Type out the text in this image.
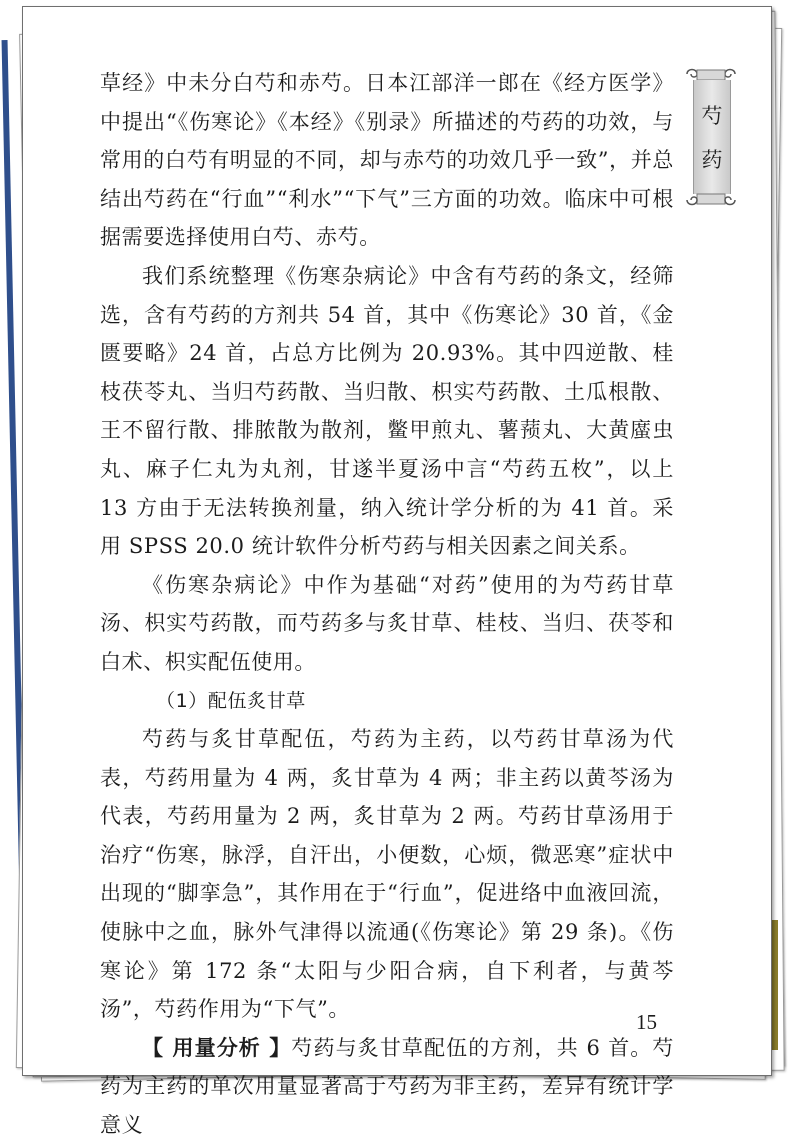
草经》中未分白芍和赤芍。日本江部洋一郎在《经方医学》中提出“《伤寒论》《本经》《别录》所描述的芍药的功效，与常用的白芍有明显的不同，却与赤芍的功效几乎一致”，并总结出芍药在“行血”“利水”“下气”三方面的功效。临床中可根据需要选择使用白芍、赤芍。

我们系统整理《伤寒杂病论》中含有芍药的条文，经筛选，含有芍药的方剂共 54 首，其中《伤寒论》30 首，《金匮要略》24 首，占总方比例为 20.93%。其中四逆散、桂枝茯苓丸、当归芍药散、当归散、枳实芍药散、土瓜根散、王不留行散、排脓散为散剂，鳖甲煎丸、薯蓣丸、大黄䗪虫丸、麻子仁丸为丸剂，甘遂半夏汤中言“芍药五枚”，以上 13 方由于无法转换剂量，纳入统计学分析的为 41 首。采用 SPSS 20.0 统计软件分析芍药与相关因素之间关系。

《伤寒杂病论》中作为基础“对药”使用的为芍药甘草汤、枳实芍药散，而芍药多与炙甘草、桂枝、当归、茯苓和白术、枳实配伍使用。

（1）配伍炙甘草

芍药与炙甘草配伍，芍药为主药，以芍药甘草汤为代表，芍药用量为 4 两，炙甘草为 4 两；非主药以黄芩汤为代表，芍药用量为 2 两，炙甘草为 2 两。芍药甘草汤用于治疗“伤寒，脉浮，自汗出，小便数，心烦，微恶寒”症状中出现的“脚挛急”，其作用在于“行血”，促进络中血液回流，使脉中之血，脉外气津得以流通(《伤寒论》第 29 条)。《伤寒论》第 172 条“太阳与少阳合病，自下利者，与黄芩汤”，芍药作用为“下气”。

【 用量分析 】芍药与炙甘草配伍的方剂，共 6 首。芍药为主药的单次用量显著高于芍药为非主药，差异有统计学意义

芍
药
15
